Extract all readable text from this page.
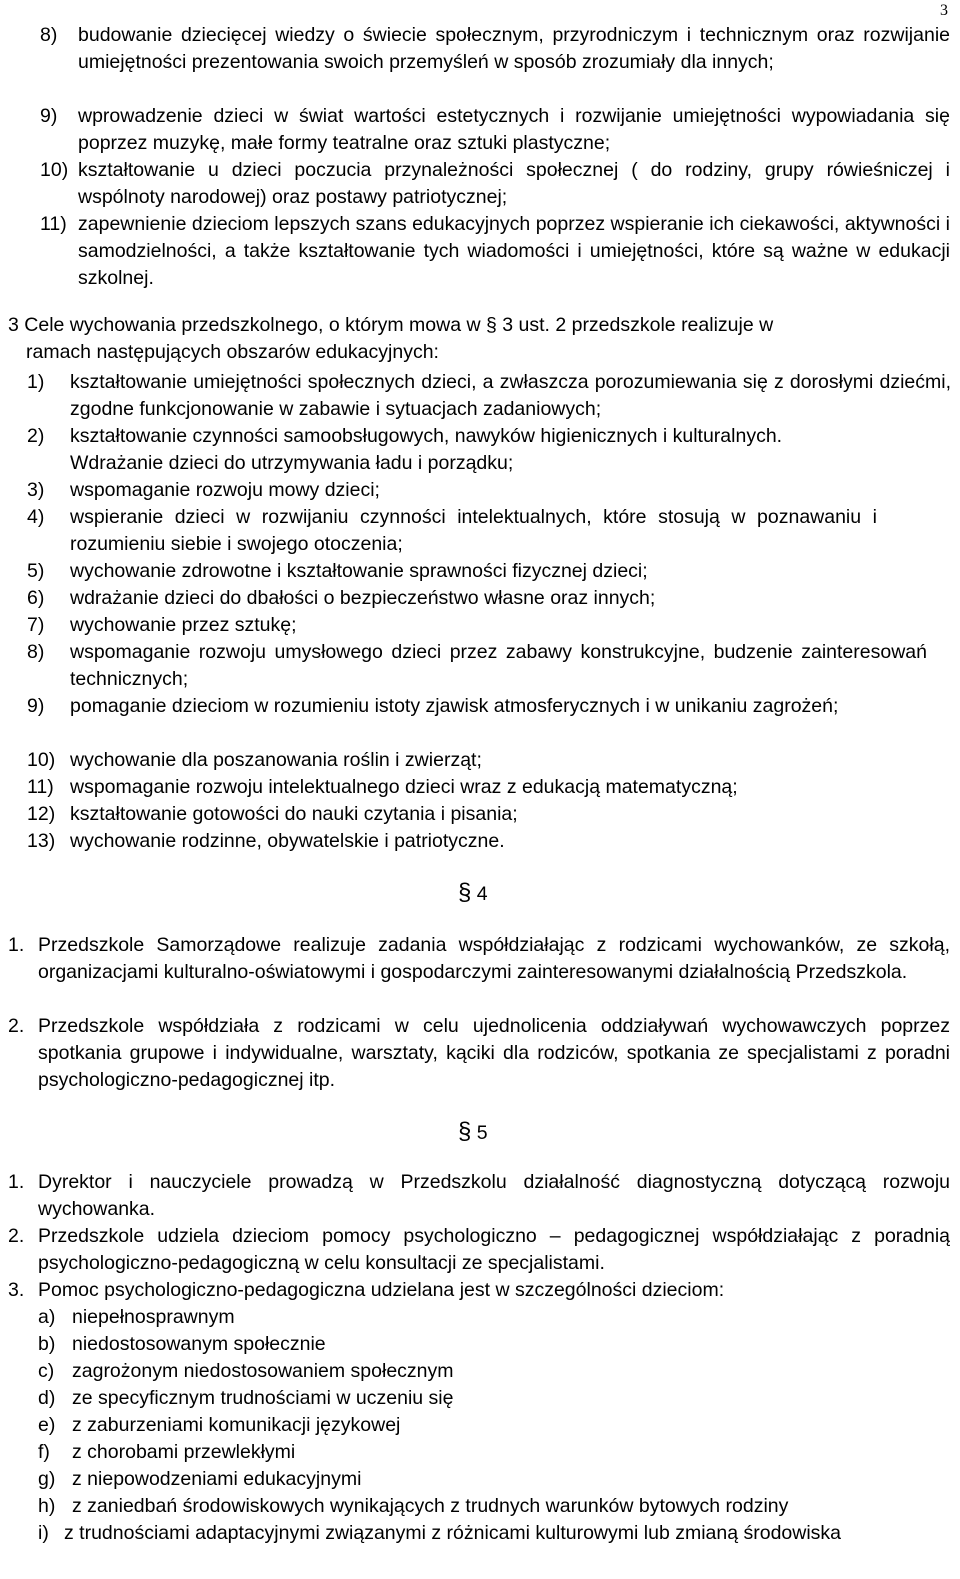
3
8) budowanie dziecięcej wiedzy o świecie społecznym, przyrodniczym i technicznym oraz rozwijanie umiejętności prezentowania swoich przemyśleń w sposób zrozumiały dla innych;
9) wprowadzenie dzieci w świat wartości estetycznych i rozwijanie umiejętności wypowiadania się poprzez muzykę, małe formy teatralne oraz sztuki plastyczne;
10) kształtowanie u dzieci poczucia przynależności społecznej ( do rodziny, grupy rówieśniczej i wspólnoty narodowej) oraz postawy patriotycznej;
11) zapewnienie dzieciom lepszych szans edukacyjnych poprzez wspieranie ich ciekawości, aktywności i samodzielności, a także kształtowanie tych wiadomości i umiejętności, które są ważne w edukacji szkolnej.

3 Cele wychowania przedszkolnego, o którym mowa w § 3 ust. 2 przedszkole realizuje w

ramach następujących obszarów edukacyjnych:

1) kształtowanie umiejętności społecznych dzieci, a zwłaszcza porozumiewania się z dorosłymi dziećmi, zgodne funkcjonowanie w zabawie i sytuacjach zadaniowych;
2) kształtowanie czynności samoobsługowych, nawyków higienicznych i kulturalnych.
Wdrażanie dzieci do utrzymywania ładu i porządku;
3) wspomaganie rozwoju mowy dzieci;
4) wspieranie dzieci w rozwijaniu czynności intelektualnych, które stosują w poznawaniu i rozumieniu siebie i swojego otoczenia;
5) wychowanie zdrowotne i kształtowanie sprawności fizycznej dzieci;
6) wdrażanie dzieci do dbałości o bezpieczeństwo własne oraz innych;
7) wychowanie przez sztukę;
8) wspomaganie rozwoju umysłowego dzieci przez zabawy konstrukcyjne, budzenie zainteresowań technicznych;
9) pomaganie dzieciom w rozumieniu istoty zjawisk atmosferycznych i w unikaniu zagrożeń;
10) wychowanie dla poszanowania roślin i zwierząt;
11) wspomaganie rozwoju intelektualnego dzieci wraz z edukacją matematyczną;
12) kształtowanie gotowości do nauki czytania i pisania;
13) wychowanie rodzinne, obywatelskie i patriotyczne.
§ 4
1. Przedszkole Samorządowe realizuje zadania współdziałając z rodzicami wychowanków, ze szkołą, organizacjami kulturalno-oświatowymi i gospodarczymi zainteresowanymi działalnością Przedszkola.
2. Przedszkole współdziała z rodzicami w celu ujednolicenia oddziaływań wychowawczych poprzez spotkania grupowe i indywidualne, warsztaty, kąciki dla rodziców, spotkania ze specjalistami z poradni psychologiczno-pedagogicznej itp.
§ 5
1. Dyrektor i nauczyciele prowadzą w Przedszkolu działalność diagnostyczną dotyczącą rozwoju wychowanka.
2. Przedszkole udziela dzieciom pomocy psychologiczno – pedagogicznej współdziałając z poradnią psychologiczno-pedagogiczną w celu konsultacji ze specjalistami.
3. Pomoc psychologiczno-pedagogiczna udzielana jest w szczególności dzieciom:
a) niepełnosprawnym
b) niedostosowanym społecznie
c) zagrożonym niedostosowaniem społecznym
d) ze specyficznym trudnościami w uczeniu się
e) z zaburzeniami komunikacji językowej
f) z chorobami przewlekłymi
g) z niepowodzeniami edukacyjnymi
h) z zaniedbań środowiskowych wynikających z trudnych warunków bytowych rodziny
i) z trudnościami adaptacyjnymi związanymi z różnicami kulturowymi lub zmianą środowiska
